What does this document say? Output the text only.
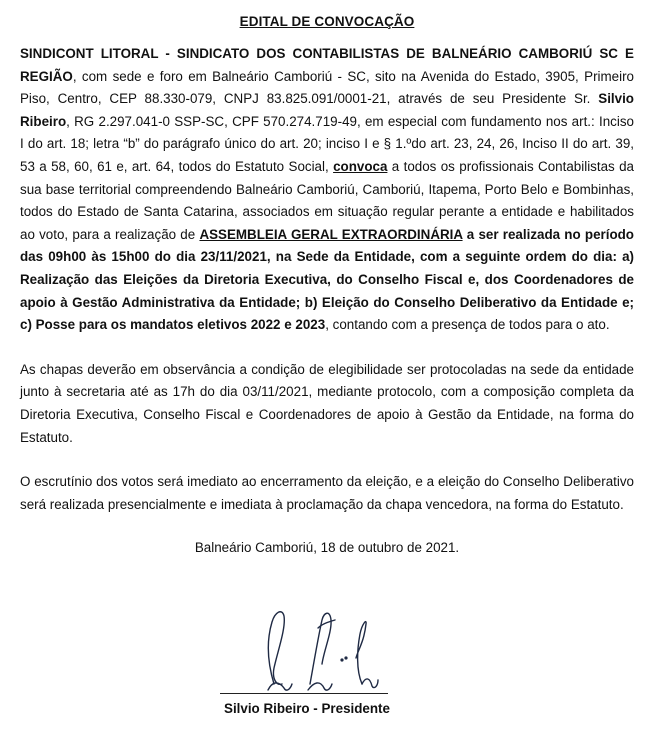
EDITAL DE CONVOCAÇÃO

SINDICONT LITORAL - SINDICATO DOS CONTABILISTAS DE BALNEÁRIO CAMBORIÚ SC E REGIÃO, com sede e foro em Balneário Camboriú - SC, sito na Avenida do Estado, 3905, Primeiro Piso, Centro, CEP 88.330-079, CNPJ 83.825.091/0001-21, através de seu Presidente Sr. Silvio Ribeiro, RG 2.297.041-0 SSP-SC, CPF 570.274.719-49, em especial com fundamento nos art.: Inciso I do art. 18; letra “b” do parágrafo único do art. 20; inciso I e § 1.ºdo art. 23, 24, 26, Inciso II do art. 39, 53 a 58, 60, 61 e, art. 64, todos do Estatuto Social, convoca a todos os profissionais Contabilistas da sua base territorial compreendendo Balneário Camboriú, Camboriú, Itapema, Porto Belo e Bombinhas, todos do Estado de Santa Catarina, associados em situação regular perante a entidade e habilitados ao voto, para a realização de ASSEMBLEIA GERAL EXTRAORDINÁRIA a ser realizada no período das 09h00 às 15h00 do dia 23/11/2021, na Sede da Entidade, com a seguinte ordem do dia: a) Realização das Eleições da Diretoria Executiva, do Conselho Fiscal e, dos Coordenadores de apoio à Gestão Administrativa da Entidade; b) Eleição do Conselho Deliberativo da Entidade e; c) Posse para os mandatos eletivos 2022 e 2023, contando com a presença de todos para o ato.

As chapas deverão em observância a condição de elegibilidade ser protocoladas na sede da entidade junto à secretaria até as 17h do dia 03/11/2021, mediante protocolo, com a composição completa da Diretoria Executiva, Conselho Fiscal e Coordenadores de apoio à Gestão da Entidade, na forma do Estatuto.

O escrutínio dos votos será imediato ao encerramento da eleição, e a eleição do Conselho Deliberativo será realizada presencialmente e imediata à proclamação da chapa vencedora, na forma do Estatuto.

Balneário Camboriú, 18 de outubro de 2021.
Silvio Ribeiro - Presidente
